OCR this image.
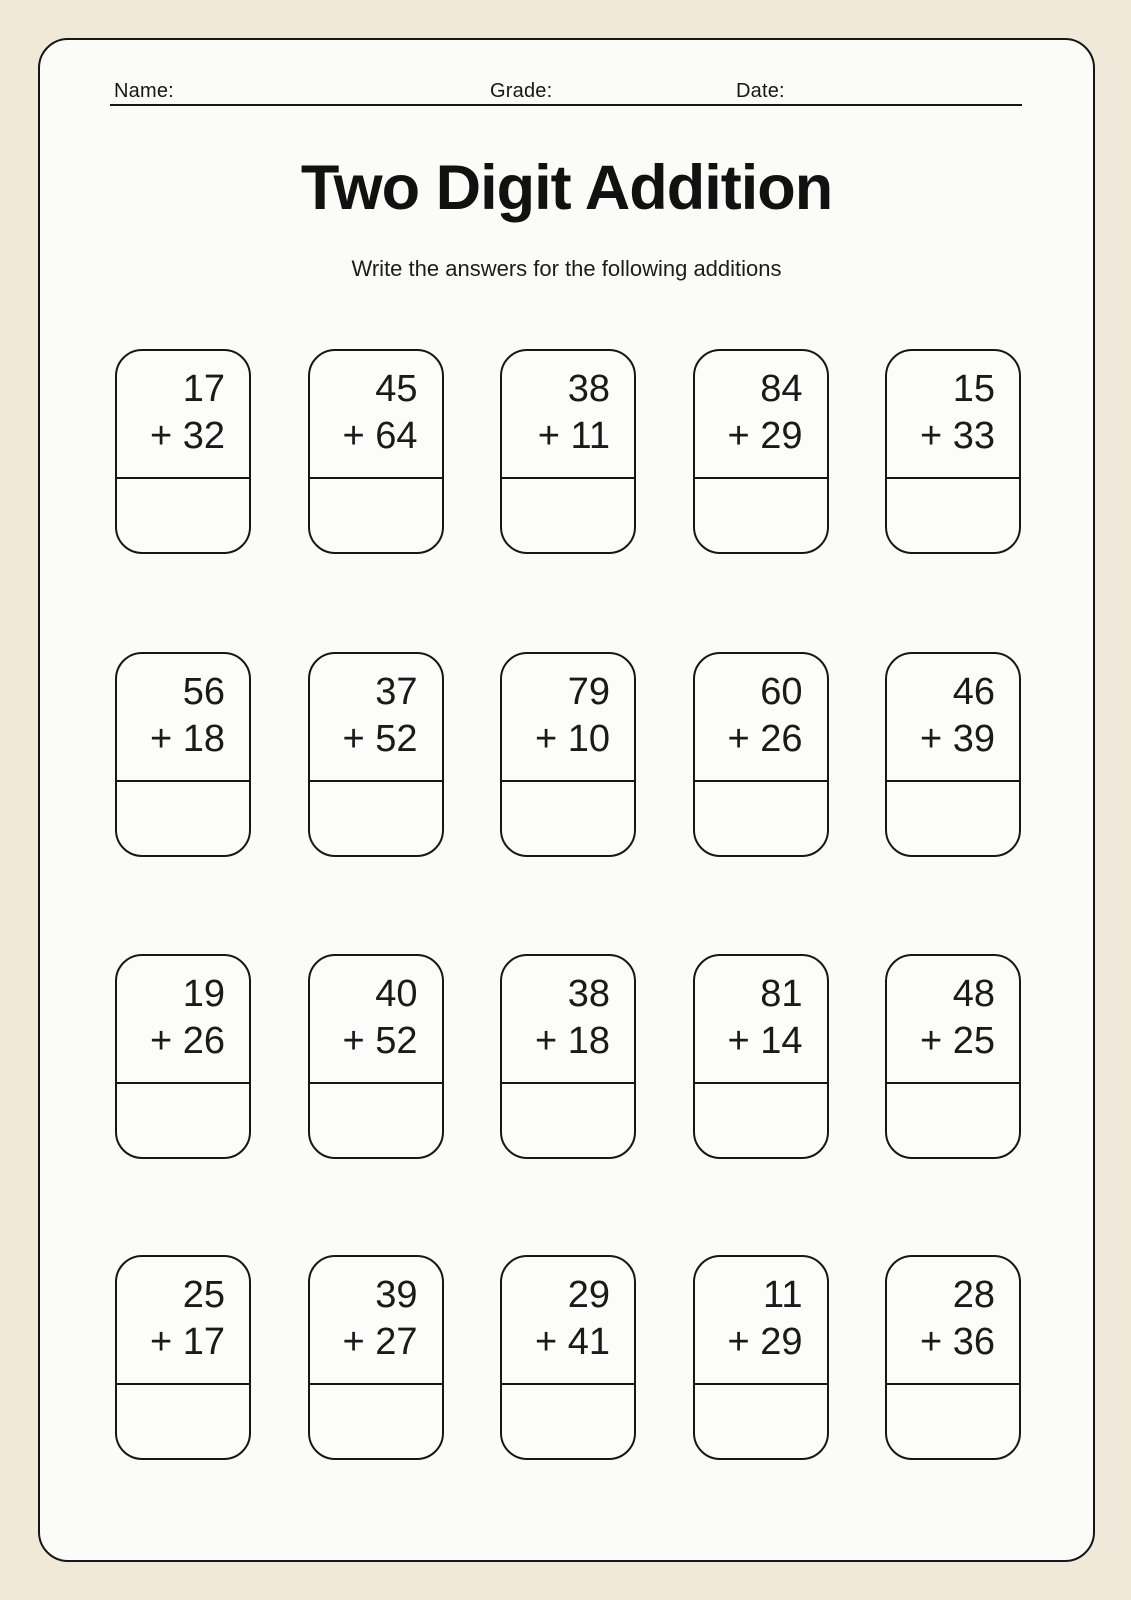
Name:	Grade:	Date:
Two Digit Addition
Write the answers for the following additions
17
+ 32
45
+ 64
38
+ 11
84
+ 29
15
+ 33
56
+ 18
37
+ 52
79
+ 10
60
+ 26
46
+ 39
19
+ 26
40
+ 52
38
+ 18
81
+ 14
48
+ 25
25
+ 17
39
+ 27
29
+ 41
11
+ 29
28
+ 36
